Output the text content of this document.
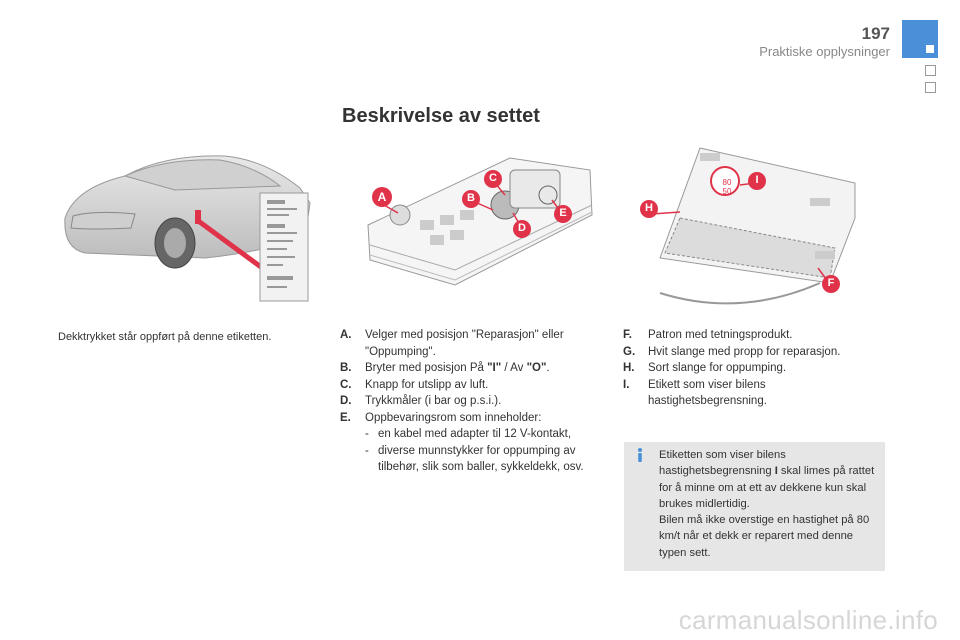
197
Praktiske opplysninger
Beskrivelse av settet
80
50
A	B
C
D
E
F
H
I
Dekktrykket står oppført på denne etiketten.	A.	Velger med posisjon "Reparasjon" eller "Oppumping".
B.	Bryter med posisjon På "I" / Av "O".
C.	Knapp for utslipp av luft.
D.	Trykkmåler (i bar og p.s.i.).
E.	Oppbevaringsrom som inneholder:
- en kabel med adapter til 12 V-kontakt,
- diverse munnstykker for oppumping av tilbehør, slik som baller, sykkeldekk, osv.
F.	Patron med tetningsprodukt.
G.	Hvit slange med propp for reparasjon.
H.	Sort slange for oppumping.
I.	Etikett som viser bilens hastighetsbegrensning.
Etiketten som viser bilens hastighetsbegrensning I skal limes på rattet for å minne om at ett av dekkene kun skal brukes midlertidig.
Bilen må ikke overstige en hastighet på 80 km/t når et dekk er reparert med denne typen sett.
carmanualsonline.info
